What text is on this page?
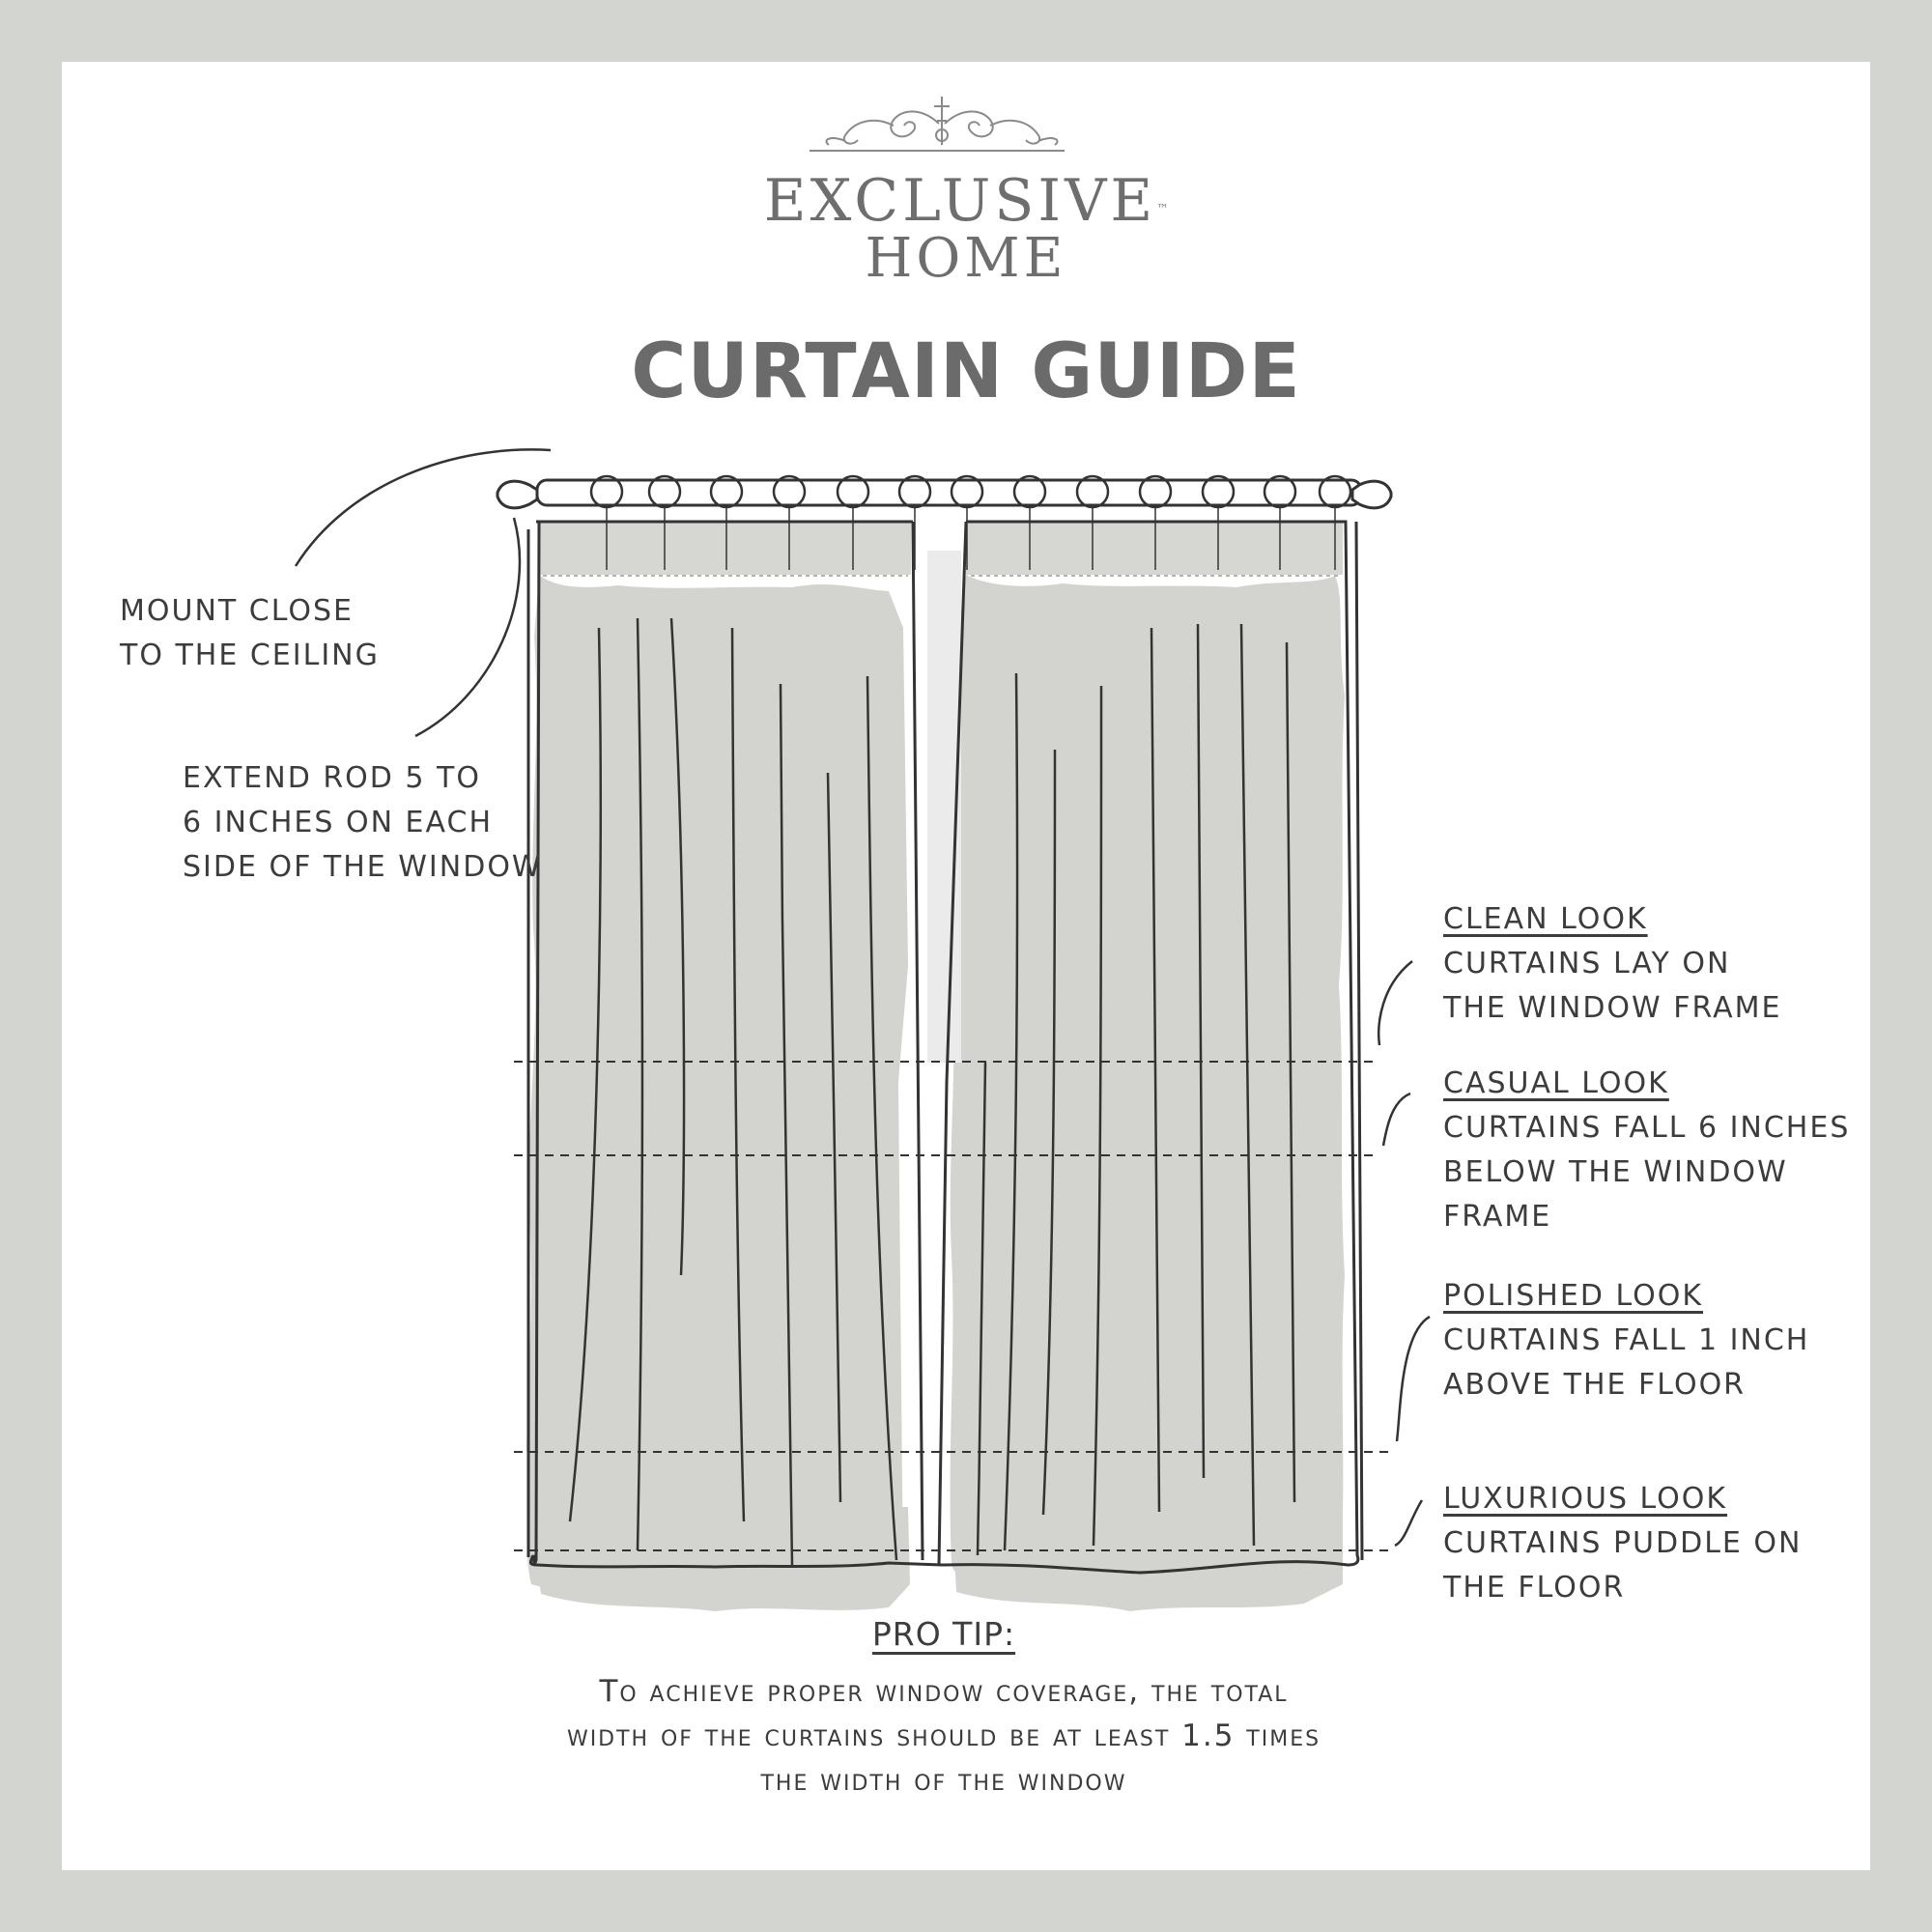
EXCLUSIVE™
HOME
CURTAIN GUIDE
MOUNT CLOSE
TO THE CEILING
EXTEND ROD 5 TO
6 INCHES ON EACH
SIDE OF THE WINDOW
CLEAN LOOK
CURTAINS LAY ON
THE WINDOW FRAME
CASUAL LOOK
CURTAINS FALL 6 INCHES
BELOW THE WINDOW
FRAME
POLISHED LOOK
CURTAINS FALL 1 INCH
ABOVE THE FLOOR
LUXURIOUS LOOK
CURTAINS PUDDLE ON
THE FLOOR
PRO TIP:
To achieve proper window coverage, the total
width of the curtains should be at least 1.5 times
the width of the window
